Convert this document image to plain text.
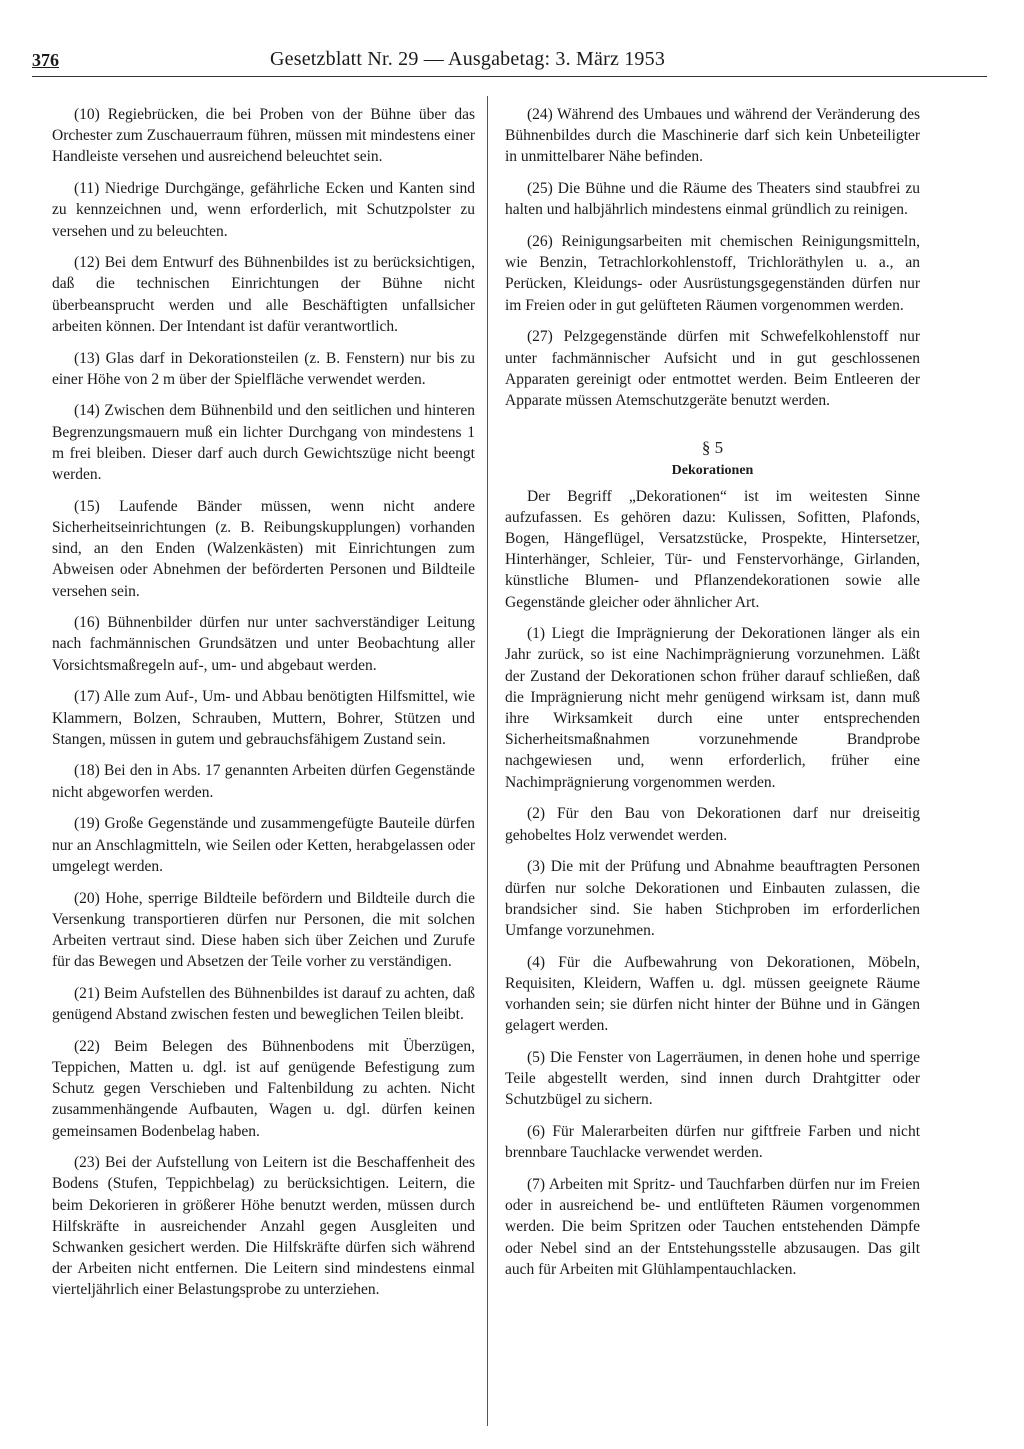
376	Gesetzblatt Nr. 29 — Ausgabetag: 3. März 1953

(10) Regiebrücken, die bei Proben von der Bühne über das Orchester zum Zuschauerraum führen, müssen mit mindestens einer Handleiste versehen und ausreichend beleuchtet sein.

(11) Niedrige Durchgänge, gefährliche Ecken und Kanten sind zu kennzeichnen und, wenn erforderlich, mit Schutzpolster zu versehen und zu beleuchten.

(12) Bei dem Entwurf des Bühnenbildes ist zu berücksichtigen, daß die technischen Einrichtungen der Bühne nicht überbeansprucht werden und alle Beschäftigten unfallsicher arbeiten können. Der Intendant ist dafür verantwortlich.

(13) Glas darf in Dekorationsteilen (z. B. Fenstern) nur bis zu einer Höhe von 2 m über der Spielfläche verwendet werden.

(14) Zwischen dem Bühnenbild und den seitlichen und hinteren Begrenzungsmauern muß ein lichter Durchgang von mindestens 1 m frei bleiben. Dieser darf auch durch Gewichtszüge nicht beengt werden.

(15) Laufende Bänder müssen, wenn nicht andere Sicherheitseinrichtungen (z. B. Reibungskupplungen) vorhanden sind, an den Enden (Walzenkästen) mit Einrichtungen zum Abweisen oder Abnehmen der beförderten Personen und Bildteile versehen sein.

(16) Bühnenbilder dürfen nur unter sachverständiger Leitung nach fachmännischen Grundsätzen und unter Beobachtung aller Vorsichtsmaßregeln auf-, um- und abgebaut werden.

(17) Alle zum Auf-, Um- und Abbau benötigten Hilfsmittel, wie Klammern, Bolzen, Schrauben, Muttern, Bohrer, Stützen und Stangen, müssen in gutem und gebrauchsfähigem Zustand sein.

(18) Bei den in Abs. 17 genannten Arbeiten dürfen Gegenstände nicht abgeworfen werden.

(19) Große Gegenstände und zusammengefügte Bauteile dürfen nur an Anschlagmitteln, wie Seilen oder Ketten, herabgelassen oder umgelegt werden.

(20) Hohe, sperrige Bildteile befördern und Bildteile durch die Versenkung transportieren dürfen nur Personen, die mit solchen Arbeiten vertraut sind. Diese haben sich über Zeichen und Zurufe für das Bewegen und Absetzen der Teile vorher zu verständigen.

(21) Beim Aufstellen des Bühnenbildes ist darauf zu achten, daß genügend Abstand zwischen festen und beweglichen Teilen bleibt.

(22) Beim Belegen des Bühnenbodens mit Überzügen, Teppichen, Matten u. dgl. ist auf genügende Befestigung zum Schutz gegen Verschieben und Faltenbildung zu achten. Nicht zusammenhängende Aufbauten, Wagen u. dgl. dürfen keinen gemeinsamen Bodenbelag haben.

(23) Bei der Aufstellung von Leitern ist die Beschaffenheit des Bodens (Stufen, Teppichbelag) zu berücksichtigen. Leitern, die beim Dekorieren in größerer Höhe benutzt werden, müssen durch Hilfskräfte in ausreichender Anzahl gegen Ausgleiten und Schwanken gesichert werden. Die Hilfskräfte dürfen sich während der Arbeiten nicht entfernen. Die Leitern sind mindestens einmal vierteljährlich einer Belastungsprobe zu unterziehen.

(24) Während des Umbaues und während der Veränderung des Bühnenbildes durch die Maschinerie darf sich kein Unbeteiligter in unmittelbarer Nähe befinden.

(25) Die Bühne und die Räume des Theaters sind staubfrei zu halten und halbjährlich mindestens einmal gründlich zu reinigen.

(26) Reinigungsarbeiten mit chemischen Reinigungsmitteln, wie Benzin, Tetrachlorkohlenstoff, Trichloräthylen u. a., an Perücken, Kleidungs- oder Ausrüstungsgegenständen dürfen nur im Freien oder in gut gelüfteten Räumen vorgenommen werden.

(27) Pelzgegenstände dürfen mit Schwefelkohlenstoff nur unter fachmännischer Aufsicht und in gut geschlossenen Apparaten gereinigt oder entmottet werden. Beim Entleeren der Apparate müssen Atemschutzgeräte benutzt werden.

§ 5
Dekorationen

Der Begriff „Dekorationen“ ist im weitesten Sinne aufzufassen. Es gehören dazu: Kulissen, Sofitten, Plafonds, Bogen, Hängeflügel, Versatzstücke, Prospekte, Hintersetzer, Hinterhänger, Schleier, Tür- und Fenstervorhänge, Girlanden, künstliche Blumen- und Pflanzendekorationen sowie alle Gegenstände gleicher oder ähnlicher Art.

(1) Liegt die Imprägnierung der Dekorationen länger als ein Jahr zurück, so ist eine Nachimprägnierung vorzunehmen. Läßt der Zustand der Dekorationen schon früher darauf schließen, daß die Imprägnierung nicht mehr genügend wirksam ist, dann muß ihre Wirksamkeit durch eine unter entsprechenden Sicherheitsmaßnahmen vorzunehmende Brandprobe nachgewiesen und, wenn erforderlich, früher eine Nachimprägnierung vorgenommen werden.

(2) Für den Bau von Dekorationen darf nur dreiseitig gehobeltes Holz verwendet werden.

(3) Die mit der Prüfung und Abnahme beauftragten Personen dürfen nur solche Dekorationen und Einbauten zulassen, die brandsicher sind. Sie haben Stichproben im erforderlichen Umfange vorzunehmen.

(4) Für die Aufbewahrung von Dekorationen, Möbeln, Requisiten, Kleidern, Waffen u. dgl. müssen geeignete Räume vorhanden sein; sie dürfen nicht hinter der Bühne und in Gängen gelagert werden.

(5) Die Fenster von Lagerräumen, in denen hohe und sperrige Teile abgestellt werden, sind innen durch Drahtgitter oder Schutzbügel zu sichern.

(6) Für Malerarbeiten dürfen nur giftfreie Farben und nicht brennbare Tauchlacke verwendet werden.

(7) Arbeiten mit Spritz- und Tauchfarben dürfen nur im Freien oder in ausreichend be- und entlüfteten Räumen vorgenommen werden. Die beim Spritzen oder Tauchen entstehenden Dämpfe oder Nebel sind an der Entstehungsstelle abzusaugen. Das gilt auch für Arbeiten mit Glühlampentauchlacken.
